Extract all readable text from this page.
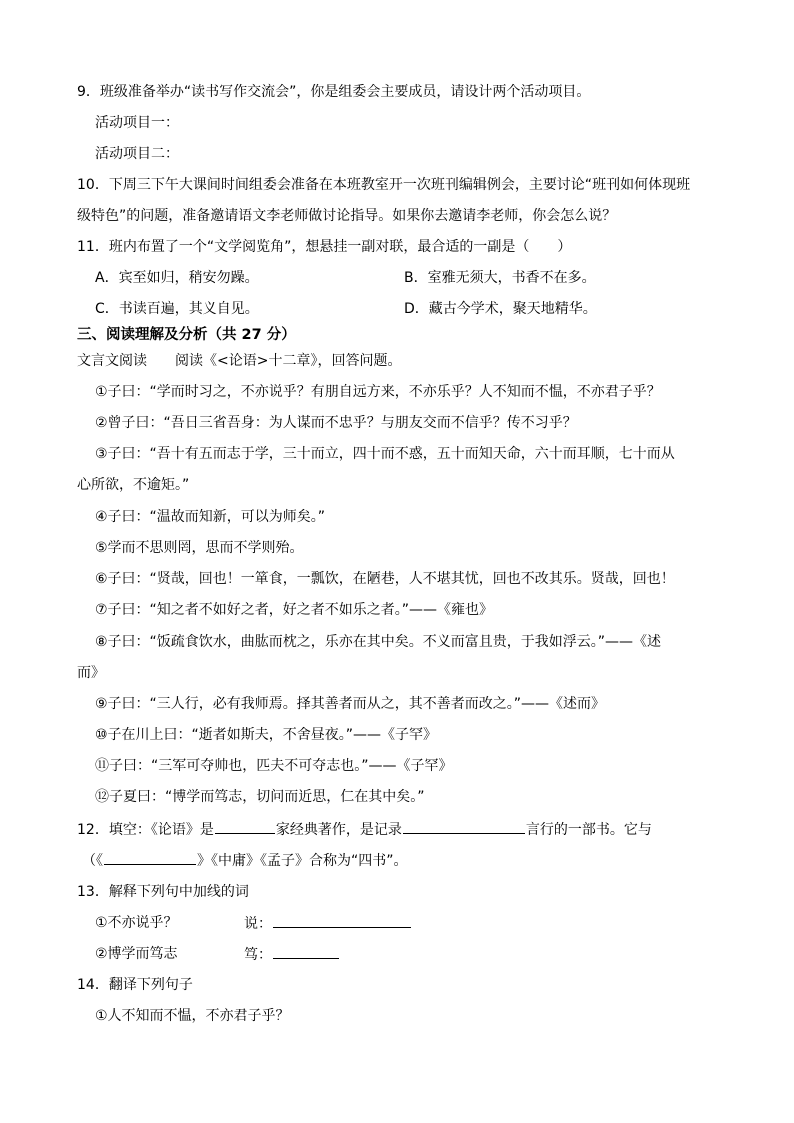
9．班级准备举办“读书写作交流会”，你是组委会主要成员，请设计两个活动项目。
活动项目一：
活动项目二：
10．下周三下午大课间时间组委会准备在本班教室开一次班刊编辑例会，主要讨论“班刊如何体现班
级特色”的问题，准备邀请语文李老师做讨论指导。如果你去邀请李老师，你会怎么说？
11．班内布置了一个“文学阅览角”，想悬挂一副对联，最合适的一副是（　　）
A．宾至如归，稍安勿躁。	B．室雅无须大，书香不在多。
C．书读百遍，其义自见。	D．藏古今学术，聚天地精华。
三、阅读理解及分析（共 27 分）
文言文阅读　　阅读《<论语>十二章》，回答问题。
①子曰：“学而时习之，不亦说乎？有朋自远方来，不亦乐乎？人不知而不愠，不亦君子乎？
②曾子曰：“吾日三省吾身：为人谋而不忠乎？与朋友交而不信乎？传不习乎？
③子曰：“吾十有五而志于学，三十而立，四十而不惑，五十而知天命，六十而耳顺，七十而从
心所欲，不逾矩。”
④子曰：“温故而知新，可以为师矣。”
⑤学而不思则罔，思而不学则殆。
⑥子曰：“贤哉，回也！一箪食，一瓢饮，在陋巷，人不堪其忧，回也不改其乐。贤哉，回也！
⑦子曰：“知之者不如好之者，好之者不如乐之者。”——《雍也》
⑧子曰：“饭疏食饮水，曲肱而枕之，乐亦在其中矣。不义而富且贵，于我如浮云。”——《述
而》
⑨子曰：“三人行，必有我师焉。择其善者而从之，其不善者而改之。”——《述而》
⑩子在川上曰：“逝者如斯夫，不舍昼夜。”——《子罕》
⑪子曰：“三军可夺帅也，匹夫不可夺志也。”——《子罕》
⑫子夏曰：“博学而笃志，切问而近思，仁在其中矣。”
12．填空：《论语》是	家经典著作，是记录	言行的一部书。它与
（《	》《中庸》《孟子》合称为“四书”。
13．解释下列句中加线的词
①不亦说乎？	说：
②博学而笃志	笃：
14．翻译下列句子
①人不知而不愠，不亦君子乎？
